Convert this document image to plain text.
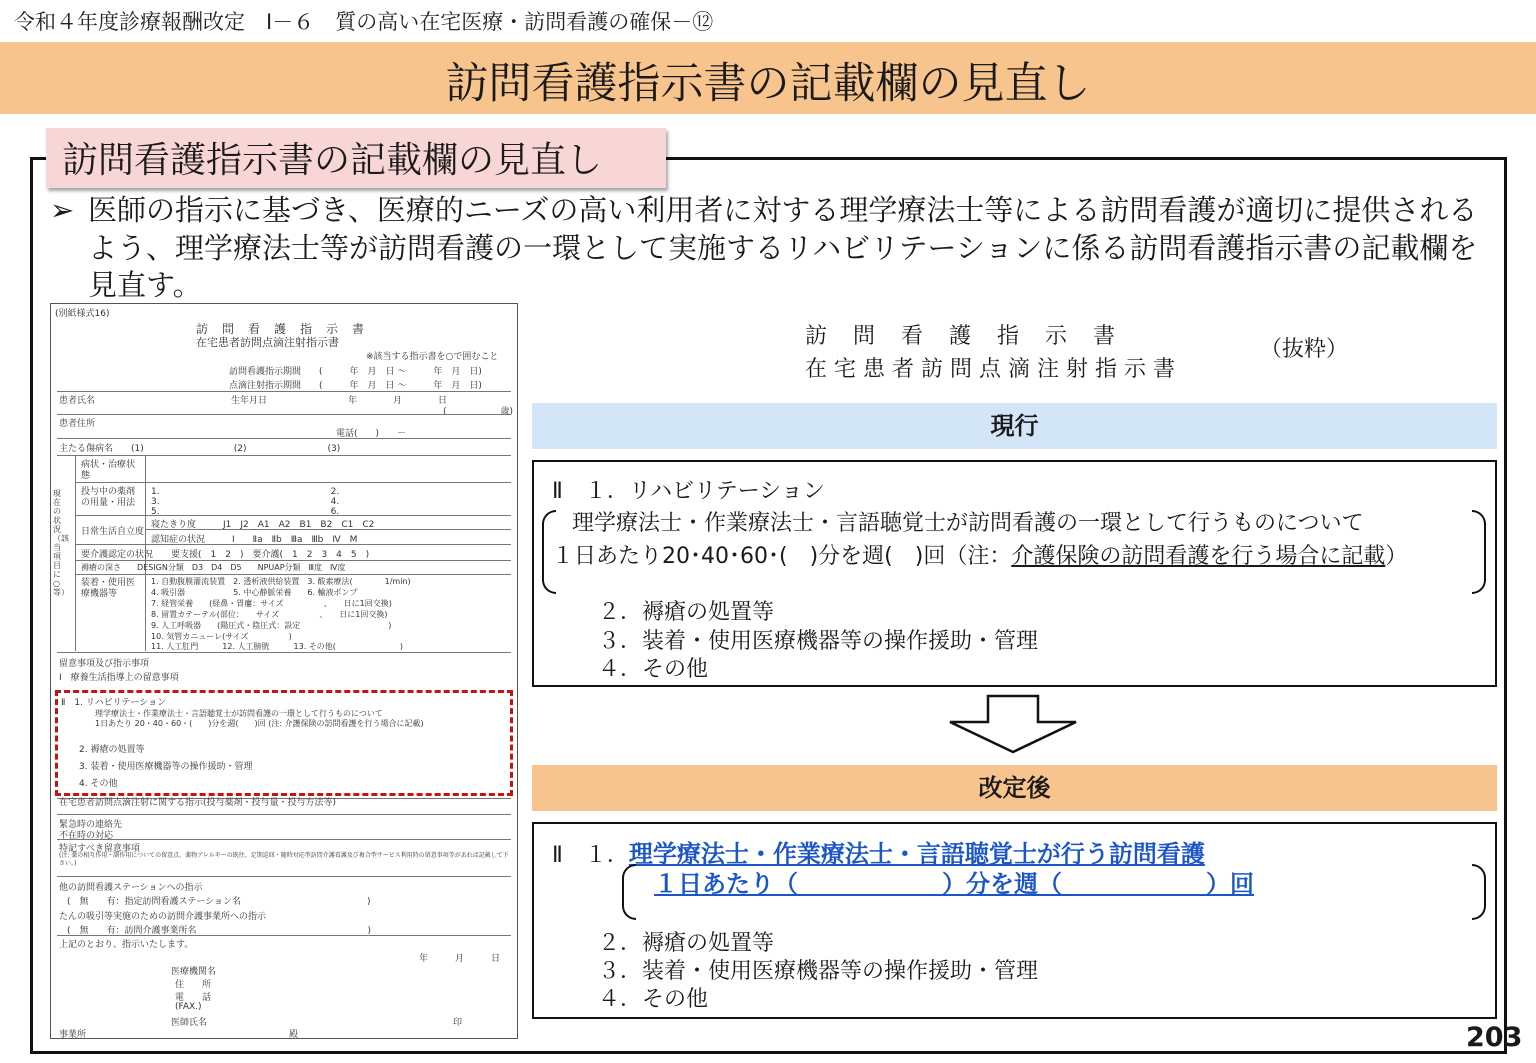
令和４年度診療報酬改定　Ⅰ－６　質の高い在宅医療・訪問看護の確保－⑫
訪問看護指示書の記載欄の見直し
訪問看護指示書の記載欄の見直し
➢ 医師の指示に基づき、医療的ニーズの高い利用者に対する理学療法士等による訪問看護が適切に提供されるよう、理学療法士等が訪問看護の一環として実施するリハビリテーションに係る訪問看護指示書の記載欄を見直す。
(別紙様式16)
訪　問　看　護　指　示　書
在宅患者訪問点滴注射指示書
※該当する指示書を○で囲むこと
訪問看護指示期間　　(　　　年　月　日 ～　　　年　月　日)
点滴注射指示期間　　(　　　年　月　日 ～　　　年　月　日)
患者氏名	生年月日　　　　　　　　　年　　　　月　　　　日
(　　　　　　歳)
患者住所
電話(　　)　　－
主たる傷病名　　(1)　　　　　　　　　　(2)　　　　　　　　　(3)
現在の状況（該当項目に○等）
病状・治療状態
投与中の薬剤の用量・用法
1.　　　　　　　　　　　　　　　　　　　2.
3.　　　　　　　　　　　　　　　　　　　4.
5.　　　　　　　　　　　　　　　　　　　6.
日常生活自立度
寝たきり度　　　J1　J2　A1　A2　B1　B2　C1　C2
認知症の状況　　　Ⅰ　　Ⅱa　Ⅱb　Ⅲa　Ⅲb　Ⅳ　M
要介護認定の状況　　要支援(　1　2　)　要介護(　1　2　3　4　5　)
褥瘡の深さ　　DESIGN分類　D3　D4　D5　　NPUAP分類　Ⅲ度　Ⅳ度
装着・使用医療機器等
1. 自動腹膜灌流装置　2. 透析液供給装置　3. 酸素療法(　　　　1/min)
4. 吸引器　　　　　　5. 中心静脈栄養　　6. 輸液ポンプ
7. 経管栄養　　(経鼻・胃瘻：サイズ　　　　　、　　日に1回交換)
8. 留置カテーテル(部位：　　サイズ　　　　　、　　日に1回交換)
9. 人工呼吸器　　(陽圧式・陰圧式：設定　　　　　　　　　　　)
10. 気管カニューレ(サイズ　　　　　)
11. 人工肛門　　　12. 人工膀胱　　　13. その他(　　　　　　　　)
留意事項及び指示事項
Ⅰ　療養生活指導上の留意事項
Ⅱ　1. リハビリテーション
理学療法士・作業療法士・言語聴覚士が訪問看護の一環として行うものについて
1日あたり 20・40・60・(　　)分を週(　　)回 (注: 介護保険の訪問看護を行う場合に記載)
2. 褥瘡の処置等
3. 装着・使用医療機器等の操作援助・管理
4. その他
在宅患者訪問点滴注射に関する指示(投与薬剤・投与量・投与方法等)
緊急時の連絡先
不在時の対応
特記すべき留意事項
(注: 薬の相互作用・副作用についての留意点、薬物アレルギーの既往、定期巡回・随時対応型訪問介護看護及び複合型サービス利用時の留意事項等があれば記載して下さい。)
他の訪問看護ステーションへの指示
(　無　　有：指定訪問看護ステーション名　　　　　　　　　　　　　　)
たんの吸引等実施のための訪問介護事業所への指示
(　無　　有：訪問介護事業所名　　　　　　　　　　　　　　　　　　　)
上記のとおり、指示いたします。
年　　　月　　　日
医療機関名
住　　所
電　　話
(FAX.)
医師氏名	印
事業所	殿
訪問看護指示書
在宅患者訪問点滴注射指示書
（抜粋）
現行
Ⅱ　１．リハビリテーション
理学療法士・作業療法士・言語聴覚士が訪問看護の一環として行うものについて
１日あたり20･40･60･(　)分を週(　)回（注：介護保険の訪問看護を行う場合に記載）
２．褥瘡の処置等
３．装着・使用医療機器等の操作援助・管理
４．その他
改定後
Ⅱ　１．理学療法士・作業療法士・言語聴覚士が行う訪問看護
１日あたり（　　　　　　）分を週（　　　　　　）回
２．褥瘡の処置等
３．装着・使用医療機器等の操作援助・管理
４．その他
203
